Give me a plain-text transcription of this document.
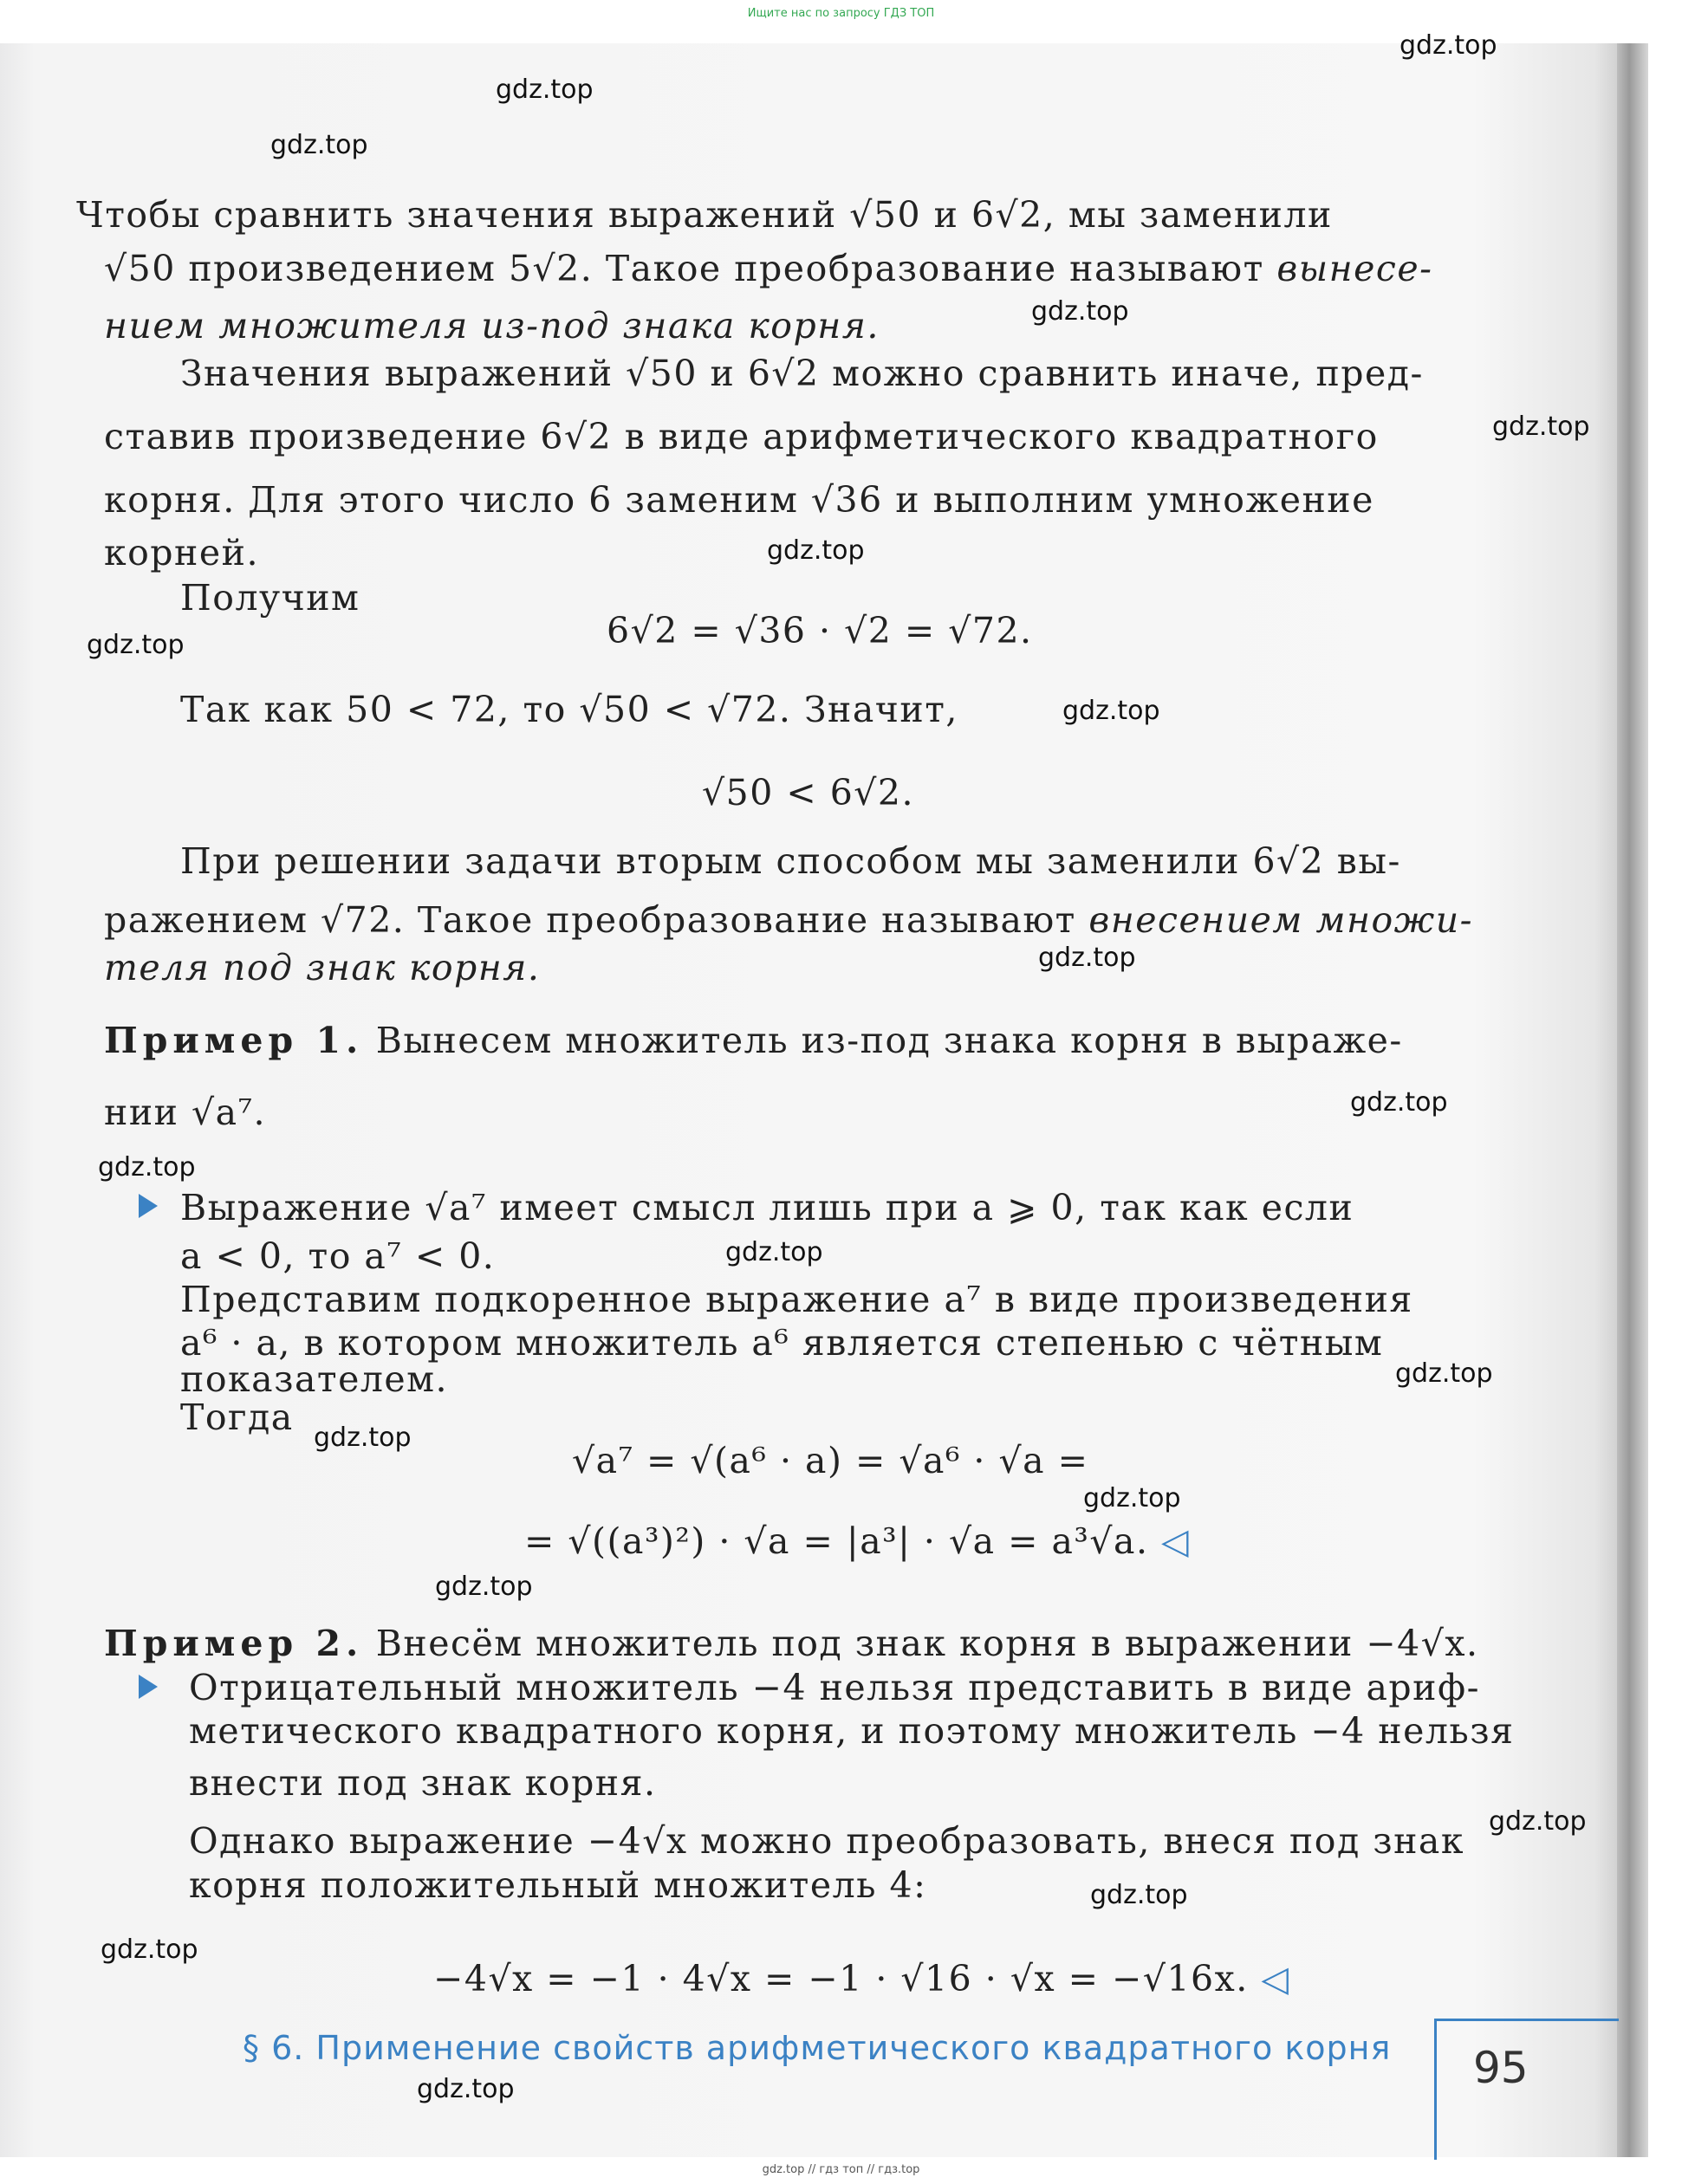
Ищите нас по запросу ГДЗ ТОП
gdz.top
gdz.top
gdz.top
gdz.top
gdz.top
gdz.top
gdz.top
gdz.top
gdz.top
gdz.top
gdz.top
gdz.top
gdz.top
gdz.top
gdz.top
gdz.top
gdz.top
gdz.top
gdz.top
gdz.top
Чтобы сравнить значения выражений √50 и 6√2, мы заменили
√50 произведением 5√2. Такое преобразование называют вынесе-
нием множителя из-под знака корня.
Значения выражений √50 и 6√2 можно сравнить иначе, пред-
ставив произведение 6√2 в виде арифметического квадратного
корня. Для этого число 6 заменим √36 и выполним умножение
корней.
Получим
6√2 = √36 · √2 = √72.
Так как 50 < 72, то √50 < √72. Значит,
√50 < 6√2.
При решении задачи вторым способом мы заменили 6√2 вы-
ражением √72. Такое преобразование называют внесением множи-
теля под знак корня.
Пример 1. Вынесем множитель из-под знака корня в выраже-
нии √a⁷.
Выражение √a⁷ имеет смысл лишь при a ⩾ 0, так как если
a < 0, то a⁷ < 0.
Представим подкоренное выражение a⁷ в виде произведения
a⁶ · a, в котором множитель a⁶ является степенью с чётным
показателем.
Тогда
√a⁷ = √(a⁶ · a) = √a⁶ · √a =
= √((a³)²) · √a = |a³| · √a = a³√a. ◁
Пример 2. Внесём множитель под знак корня в выражении −4√x.
Отрицательный множитель −4 нельзя представить в виде ариф-
метического квадратного корня, и поэтому множитель −4 нельзя
внести под знак корня.
Однако выражение −4√x можно преобразовать, внеся под знак
корня положительный множитель 4:
−4√x = −1 · 4√x = −1 · √16 · √x = −√16x. ◁
§ 6. Применение свойств арифметического квадратного корня 95
gdz.top // гдз топ // гдз.top
